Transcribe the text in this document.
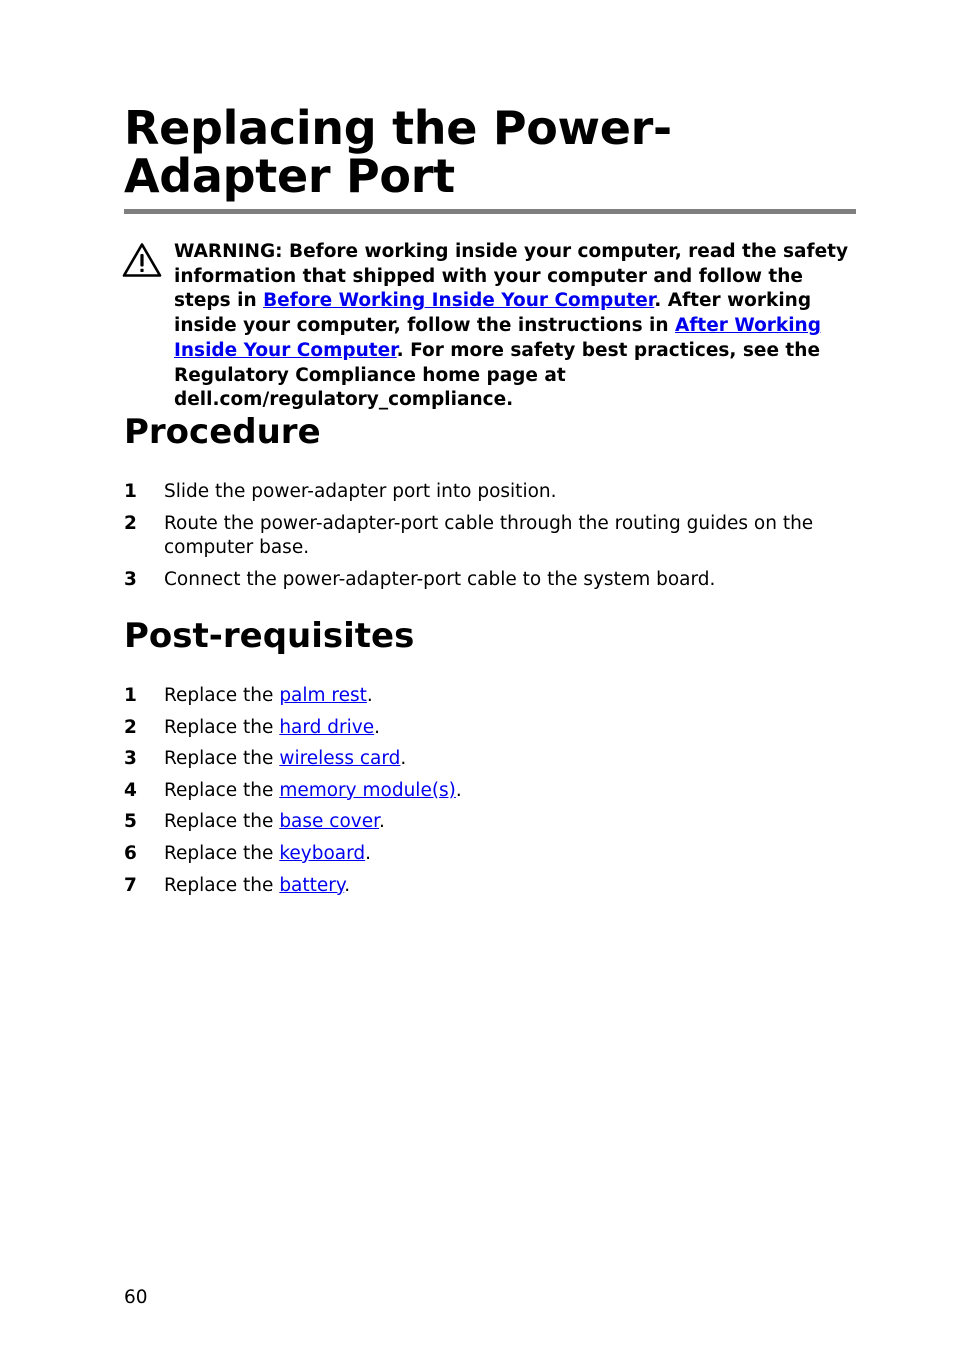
Replacing the Power-Adapter Port

WARNING: Before working inside your computer, read the safety information that shipped with your computer and follow the steps in Before Working Inside Your Computer. After working inside your computer, follow the instructions in After Working Inside Your Computer. For more safety best practices, see the Regulatory Compliance home page at dell.com/regulatory_compliance.

Procedure
1 Slide the power-adapter port into position.
2 Route the power-adapter-port cable through the routing guides on the computer base.
3 Connect the power-adapter-port cable to the system board.
Post-requisites
1 Replace the palm rest.
2 Replace the hard drive.
3 Replace the wireless card.
4 Replace the memory module(s).
5 Replace the base cover.
6 Replace the keyboard.
7 Replace the battery.
60
